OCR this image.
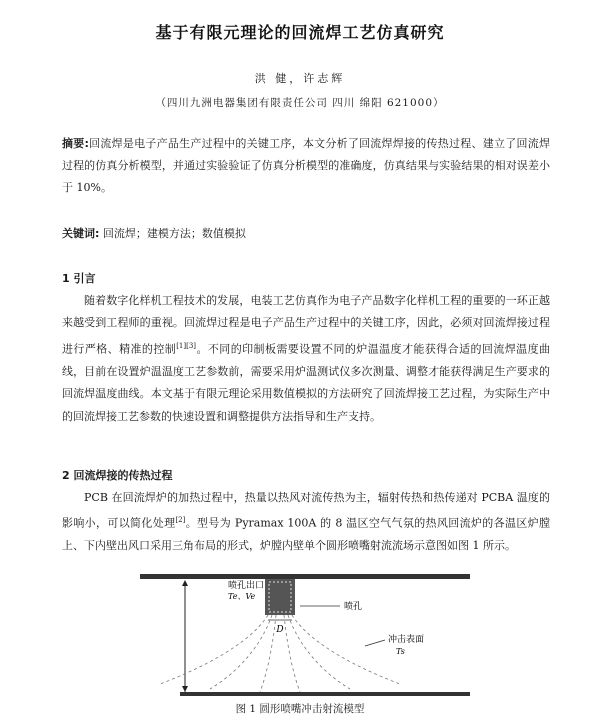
基于有限元理论的回流焊工艺仿真研究
洪 健，许志辉
（四川九洲电器集团有限责任公司 四川 绵阳 621000）
摘要:回流焊是电子产品生产过程中的关键工序，本文分析了回流焊焊接的传热过程、建立了回流焊过程的仿真分析模型，并通过实验验证了仿真分析模型的准确度，仿真结果与实验结果的相对误差小于 10%。
关键词: 回流焊；建模方法；数值模拟
1 引言
随着数字化样机工程技术的发展，电装工艺仿真作为电子产品数字化样机工程的重要的一环正越来越受到工程师的重视。回流焊过程是电子产品生产过程中的关键工序，因此，必须对回流焊接过程进行严格、精准的控制[1][3]。不同的印制板需要设置不同的炉温温度才能获得合适的回流焊温度曲线，目前在设置炉温温度工艺参数前，需要采用炉温测试仪多次测量、调整才能获得满足生产要求的回流焊温度曲线。本文基于有限元理论采用数值模拟的方法研究了回流焊接工艺过程，为实际生产中的回流焊接工艺参数的快速设置和调整提供方法指导和生产支持。
2 回流焊接的传热过程
PCB 在回流焊炉的加热过程中，热量以热风对流传热为主，辐射传热和热传递对 PCBA 温度的影响小，可以简化处理[2]。型号为 Pyramax 100A 的 8 温区空气气氛的热风回流炉的各温区炉膛上、下内壁出风口采用三角布局的形式，炉膛内壁单个圆形喷嘴射流流场示意图如图 1 所示。
D
喷孔出口
Te、Ve
喷孔
冲击表面
Ts
图 1 圆形喷嘴冲击射流模型
